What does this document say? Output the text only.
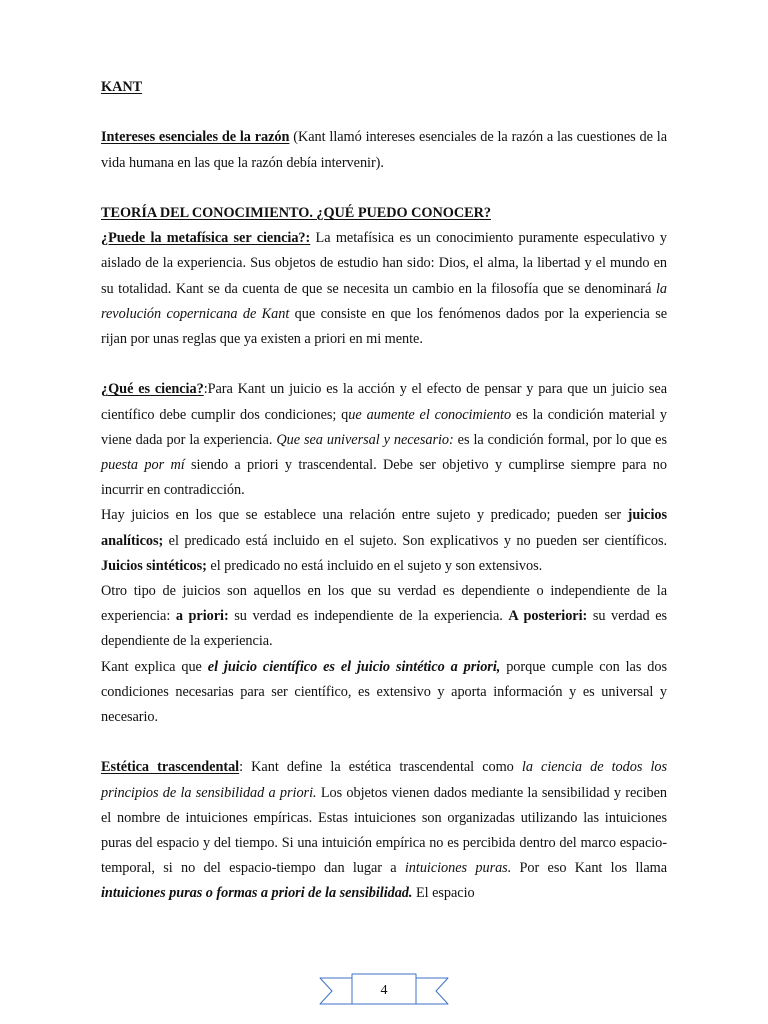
KANT

Intereses esenciales de la razón (Kant llamó intereses esenciales de la razón a las cuestiones de la vida humana en las que la razón debía intervenir).

TEORÍA DEL CONOCIMIENTO. ¿QUÉ PUEDO CONOCER?

¿Puede la metafísica ser ciencia?: La metafísica es un conocimiento puramente especulativo y aislado de la experiencia. Sus objetos de estudio han sido: Dios, el alma, la libertad y el mundo en su totalidad. Kant se da cuenta de que se necesita un cambio en la filosofía que se denominará la revolución copernicana de Kant que consiste en que los fenómenos dados por la experiencia se rijan por unas reglas que ya existen a priori en mi mente.

¿Qué es ciencia?:Para Kant un juicio es la acción y el efecto de pensar y para que un juicio sea científico debe cumplir dos condiciones; que aumente el conocimiento es la condición material y viene dada por la experiencia. Que sea universal y necesario: es la condición formal, por lo que es puesta por mí siendo a priori y trascendental. Debe ser objetivo y cumplirse siempre para no incurrir en contradicción.

Hay juicios en los que se establece una relación entre sujeto y predicado; pueden ser juicios analíticos; el predicado está incluido en el sujeto. Son explicativos y no pueden ser científicos. Juicios sintéticos; el predicado no está incluido en el sujeto y son extensivos.

Otro tipo de juicios son aquellos en los que su verdad es dependiente o independiente de la experiencia: a priori: su verdad es independiente de la experiencia. A posteriori: su verdad es dependiente de la experiencia.

Kant explica que el juicio científico es el juicio sintético a priori, porque cumple con las dos condiciones necesarias para ser científico, es extensivo y aporta información y es universal y necesario.

Estética trascendental: Kant define la estética trascendental como la ciencia de todos los principios de la sensibilidad a priori. Los objetos vienen dados mediante la sensibilidad y reciben el nombre de intuiciones empíricas. Estas intuiciones son organizadas utilizando las intuiciones puras del espacio y del tiempo. Si una intuición empírica no es percibida dentro del marco espacio-temporal, si no del espacio-tiempo dan lugar a intuiciones puras. Por eso Kant los llama intuiciones puras o formas a priori de la sensibilidad. El espacio

4
